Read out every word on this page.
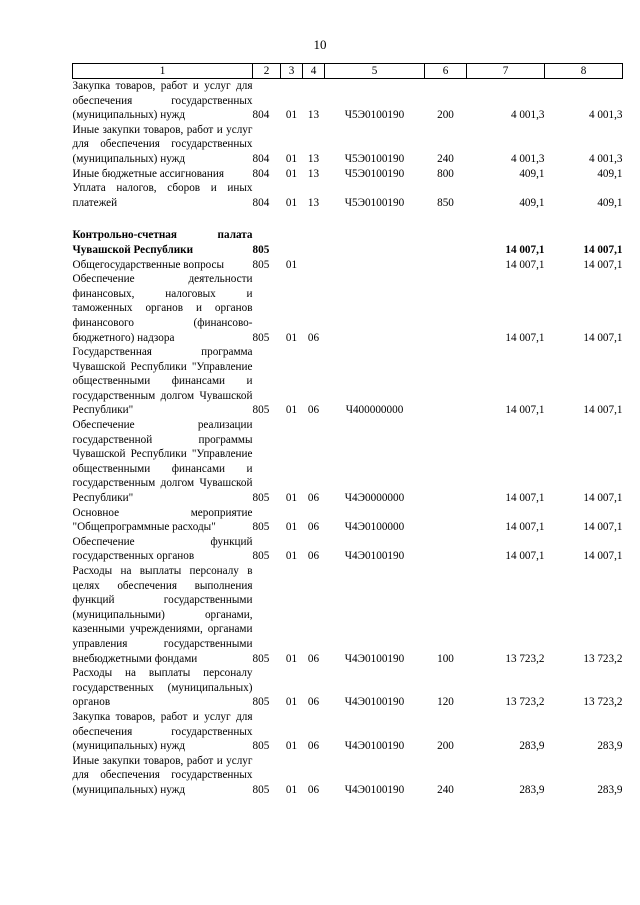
10
1	2	3	4	5	6	7	8
Закупка товаров, работ и услуг для обеспечения государственных (муниципальных) нужд	804	01	13	Ч5Э0100190	200	4 001,3	4 001,3
Иные закупки товаров, работ и услуг для обеспечения государственных (муниципальных) нужд	804	01	13	Ч5Э0100190	240	4 001,3	4 001,3
Иные бюджетные ассигнования	804	01	13	Ч5Э0100190	800	409,1	409,1
Уплата налогов, сборов и иных платежей	804	01	13	Ч5Э0100190	850	409,1	409,1

Контрольно-счетная палата Чувашской Республики	805					14 007,1	14 007,1
Общегосударственные вопросы	805	01				14 007,1	14 007,1
Обеспечение деятельности финансовых, налоговых и таможенных органов и органов финансового (финансово-бюджетного) надзора	805	01	06			14 007,1	14 007,1
Государственная программа Чувашской Республики "Управление общественными финансами и государственным долгом Чувашской Республики"	805	01	06	Ч400000000		14 007,1	14 007,1
Обеспечение реализации государственной программы Чувашской Республики "Управление общественными финансами и государственным долгом Чувашской Республики"	805	01	06	Ч4Э0000000		14 007,1	14 007,1
Основное мероприятие "Общепрограммные расходы"	805	01	06	Ч4Э0100000		14 007,1	14 007,1
Обеспечение функций государственных органов	805	01	06	Ч4Э0100190		14 007,1	14 007,1
Расходы на выплаты персоналу в целях обеспечения выполнения функций государственными (муниципальными) органами, казенными учреждениями, органами управления государственными внебюджетными фондами	805	01	06	Ч4Э0100190	100	13 723,2	13 723,2
Расходы на выплаты персоналу государственных (муниципальных) органов	805	01	06	Ч4Э0100190	120	13 723,2	13 723,2
Закупка товаров, работ и услуг для обеспечения государственных (муниципальных) нужд	805	01	06	Ч4Э0100190	200	283,9	283,9
Иные закупки товаров, работ и услуг для обеспечения государственных (муниципальных) нужд	805	01	06	Ч4Э0100190	240	283,9	283,9
